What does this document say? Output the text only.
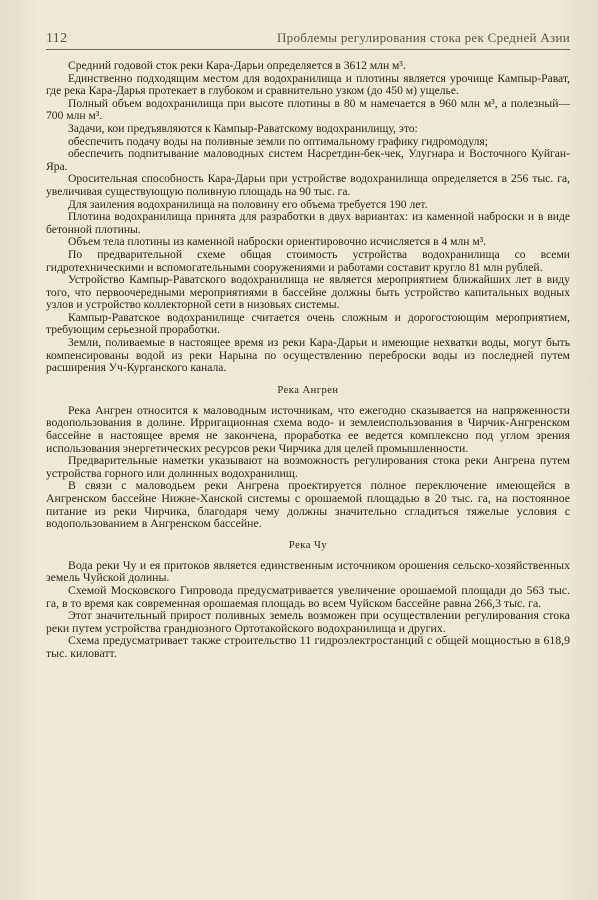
112	Проблемы регулирования стока рек Средней Азии

Средний годовой сток реки Кара-Дарьи определяется в 3612 млн м³.

Единственно подходящим местом для водохранилища и плотины является урочище Кампыр-Рават, где река Кара-Дарья протекает в глубоком и сравнительно узком (до 450 м) ущелье.

Полный объем водохранилища при высоте плотины в 80 м намечается в 960 млн м³, а полезный—700 млн м³.

Задачи, кои предъявляются к Кампыр-Раватскому водохранилищу, это:

обеспечить подачу воды на поливные земли по оптимальному графику гидромодуля;

обеспечить подпитывание маловодных систем Насретдин-бек-чек, Улугнара и Восточного Куйган-Яра.

Оросительная способность Кара-Дарьи при устройстве водохранилища определяется в 256 тыс. га, увеличивая существующую поливную площадь на 90 тыс. га.

Для заиления водохранилища на половину его объема требуется 190 лет.

Плотина водохранилища принята для разработки в двух вариантах: из каменной наброски и в виде бетонной плотины.

Объем тела плотины из каменной наброски ориентировочно исчисляется в 4 млн м³.

По предварительной схеме общая стоимость устройства водохранилища со всеми гидротехническими и вспомогательными сооружениями и работами составит кругло 81 млн рублей.

Устройство Кампыр-Раватского водохранилища не является мероприятием ближайших лет в виду того, что первоочередными мероприятиями в бассейне должны быть устройство капитальных водных узлов и устройство коллекторной сети в низовьях системы.

Кампыр-Раватское водохранилище считается очень сложным и дорогостоющим мероприятием, требующим серьезной проработки.

Земли, поливаемые в настоящее время из реки Кара-Дарьи и имеющие нехватки воды, могут быть компенсированы водой из реки Нарына по осуществлению переброски воды из последней путем расширения Уч-Курганского канала.

Река Ангрен

Река Ангрен относится к маловодным источникам, что ежегодно сказывается на напряженности водопользования в долине. Ирригационная схема водо- и землеиспользования в Чирчик-Ангренском бассейне в настоящее время не закончена, проработка ее ведется комплексно под углом зрения использования энергетических ресурсов реки Чирчика для целей промышленности.

Предварительные наметки указывают на возможность регулирования стока реки Ангрена путем устройства горного или долинных водохранилищ.

В связи с маловодьем реки Ангрена проектируется полное переключение имеющейся в Ангренском бассейне Нижне-Ханской системы с орошаемой площадью в 20 тыс. га, на постоянное питание из реки Чирчика, благодаря чему должны значительно сгладиться тяжелые условия с водопользованием в Ангренском бассейне.

Река Чу

Вода реки Чу и ея притоков является единственным источником орошения сельско-хозяйственных земель Чуйской долины.

Схемой Московского Гипровода предусматривается увеличение орошаемой площади до 563 тыс. га, в то время как современная орошаемая площадь во всем Чуйском бассейне равна 266,3 тыс. га.

Этот значительный прирост поливных земель возможен при осуществлении регулирования стока реки путем устройства грандиозного Ортотакойского водохранилища и других.

Схема предусматривает также строительство 11 гидроэлектростанций с общей мощностью в 618,9 тыс. киловатт.
